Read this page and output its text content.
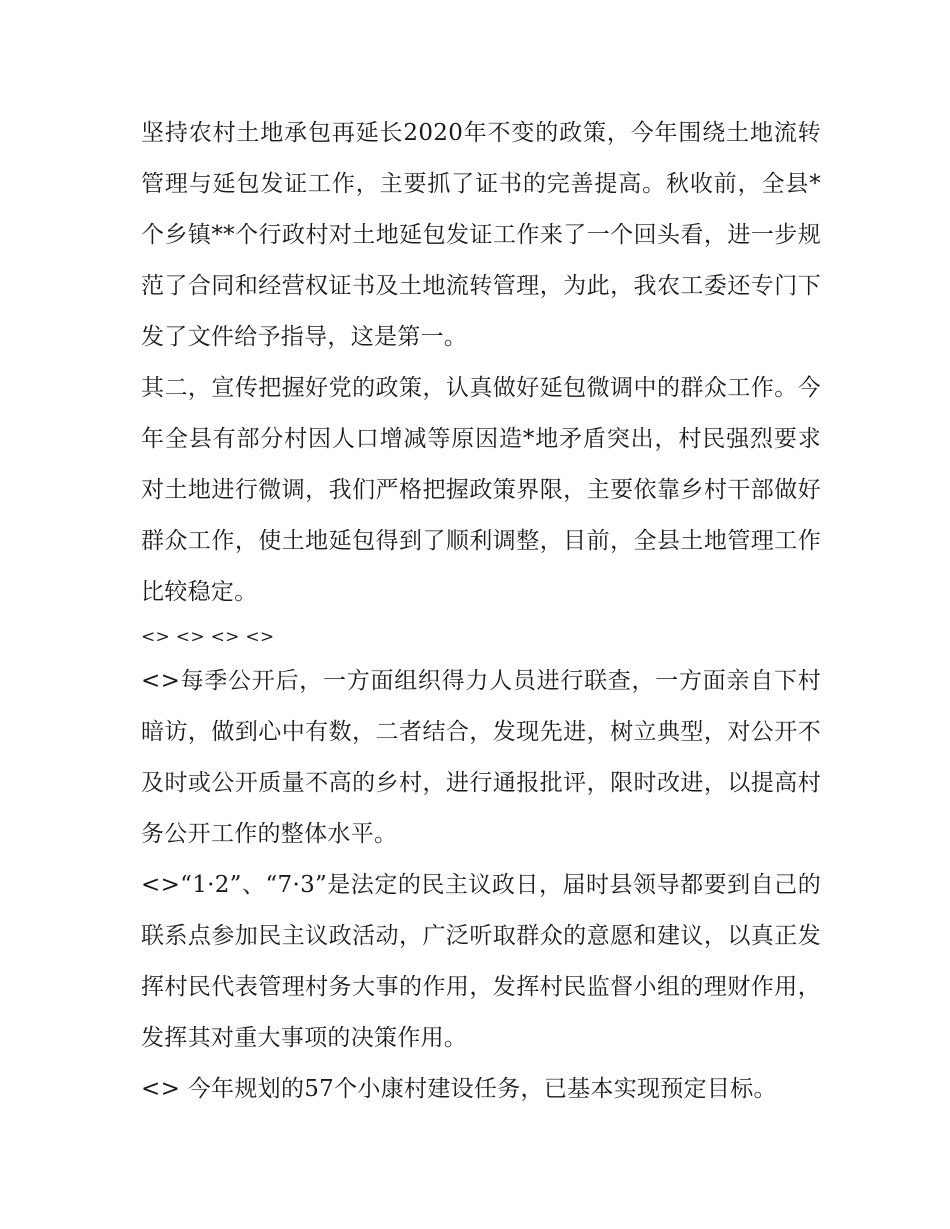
坚持农村土地承包再延长2020年不变的政策，今年围绕土地流转管理与延包发证工作，主要抓了证书的完善提高。秋收前，全县*个乡镇**个行政村对土地延包发证工作来了一个回头看，进一步规范了合同和经营权证书及土地流转管理，为此，我农工委还专门下发了文件给予指导，这是第一。

其二，宣传把握好党的政策，认真做好延包微调中的群众工作。今年全县有部分村因人口增减等原因造*地矛盾突出，村民强烈要求对土地进行微调，我们严格把握政策界限，主要依靠乡村干部做好群众工作，使土地延包得到了顺利调整，目前，全县土地管理工作比较稳定。

<> <> <> <>

<>每季公开后，一方面组织得力人员进行联查，一方面亲自下村暗访，做到心中有数，二者结合，发现先进，树立典型，对公开不及时或公开质量不高的乡村，进行通报批评，限时改进，以提高村务公开工作的整体水平。

<>“1·2”、“7·3”是法定的民主议政日，届时县领导都要到自己的联系点参加民主议政活动，广泛听取群众的意愿和建议，以真正发挥村民代表管理村务大事的作用，发挥村民监督小组的理财作用，发挥其对重大事项的决策作用。

<> 今年规划的57个小康村建设任务，已基本实现预定目标。
